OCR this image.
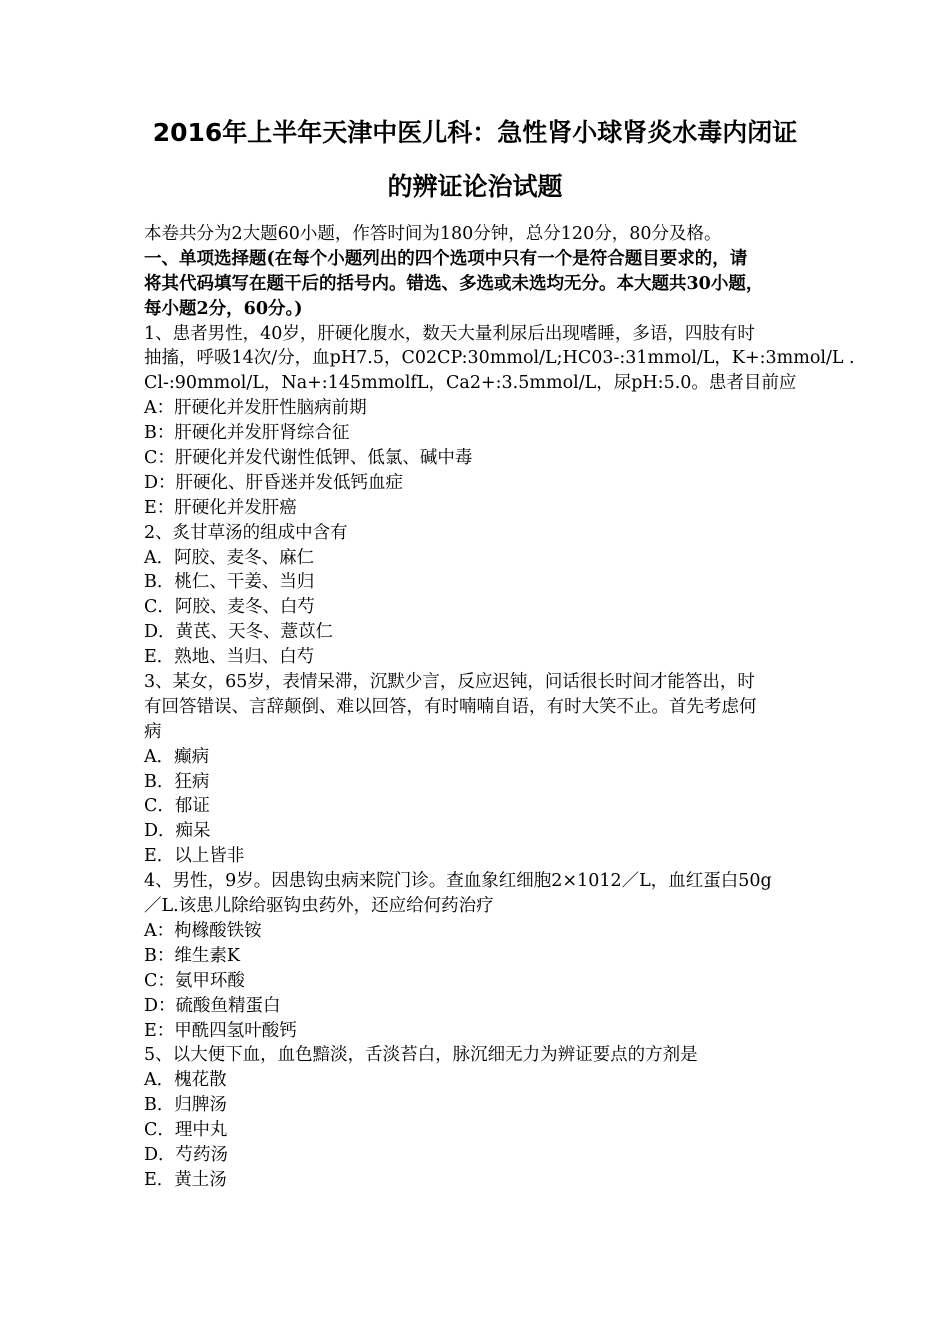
2016年上半年天津中医儿科：急性肾小球肾炎水毒内闭证
的辨证论治试题
本卷共分为2大题60小题，作答时间为180分钟，总分120分，80分及格。
一、单项选择题(在每个小题列出的四个选项中只有一个是符合题目要求的，请
将其代码填写在题干后的括号内。错选、多选或未选均无分。本大题共30小题，
每小题2分，60分。)
1、患者男性，40岁，肝硬化腹水，数天大量利尿后出现嗜睡，多语，四肢有时
抽搐，呼吸14次/分，血pH7.5，C02CP:30mmol/L;HC03-:31mmol/L，K+:3mmol/L .
Cl-:90mmol/L，Na+:145mmolfL，Ca2+:3.5mmol/L，尿pH:5.0。患者目前应
A：肝硬化并发肝性脑病前期
B：肝硬化并发肝肾综合征
C：肝硬化并发代谢性低钾、低氯、碱中毒
D：肝硬化、肝昏迷并发低钙血症
E：肝硬化并发肝癌
2、炙甘草汤的组成中含有
A．阿胶、麦冬、麻仁
B．桃仁、干姜、当归
C．阿胶、麦冬、白芍
D．黄芪、天冬、薏苡仁
E．熟地、当归、白芍
3、某女，65岁，表情呆滞，沉默少言，反应迟钝，问话很长时间才能答出，时
有回答错误、言辞颠倒、难以回答，有时喃喃自语，有时大笑不止。首先考虑何
病
A．癫病
B．狂病
C．郁证
D．痴呆
E．以上皆非
4、男性，9岁。因患钩虫病来院门诊。查血象红细胞2×1012／L，血红蛋白50g
／L.该患儿除给驱钩虫药外，还应给何药治疗
A：枸橼酸铁铵
B：维生素K
C：氨甲环酸
D：硫酸鱼精蛋白
E：甲酰四氢叶酸钙
5、以大便下血，血色黯淡，舌淡苔白，脉沉细无力为辨证要点的方剂是
A．槐花散
B．归脾汤
C．理中丸
D．芍药汤
E．黄土汤
